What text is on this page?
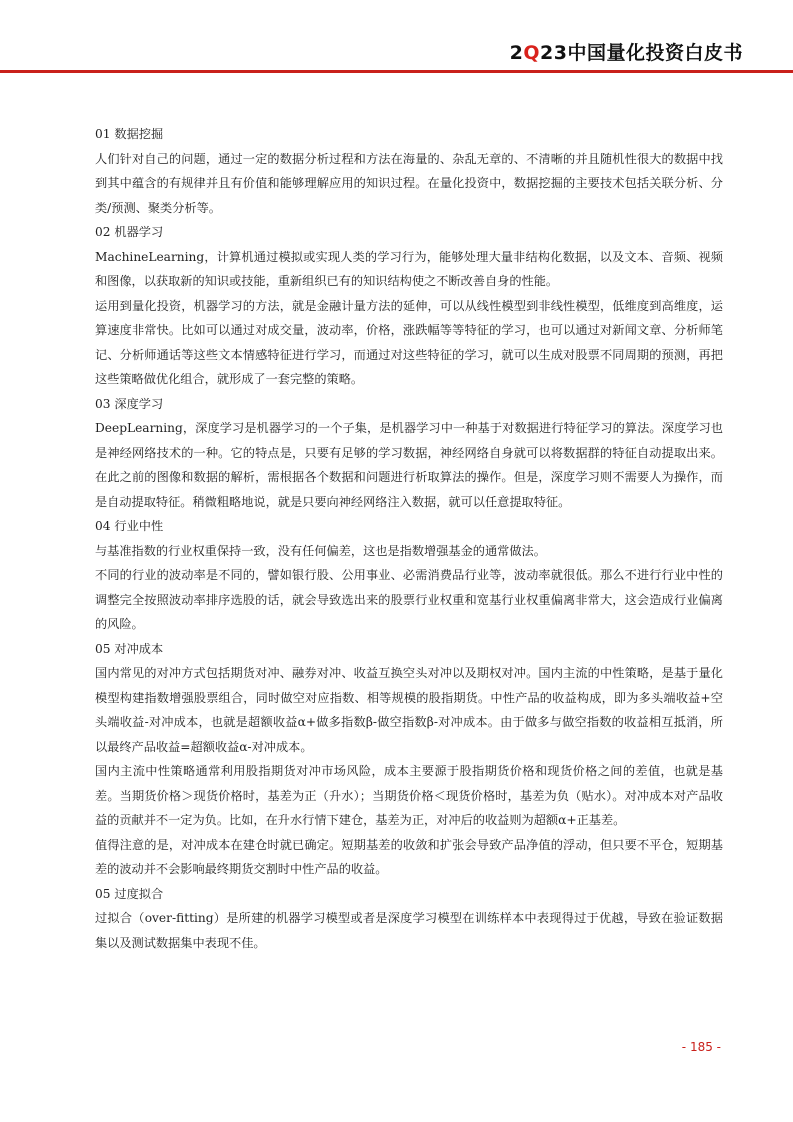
2Q23中国量化投资白皮书

01 数据挖掘

人们针对自己的问题，通过一定的数据分析过程和方法在海量的、杂乱无章的、不清晰的并且随机性很大的数据中找到其中蕴含的有规律并且有价值和能够理解应用的知识过程。在量化投资中，数据挖掘的主要技术包括关联分析、分类/预测、聚类分析等。

02 机器学习

MachineLearning，计算机通过模拟或实现人类的学习行为，能够处理大量非结构化数据，以及文本、音频、视频和图像，以获取新的知识或技能，重新组织已有的知识结构使之不断改善自身的性能。

运用到量化投资，机器学习的方法，就是金融计量方法的延伸，可以从线性模型到非线性模型，低维度到高维度，运算速度非常快。比如可以通过对成交量，波动率，价格，涨跌幅等等特征的学习，也可以通过对新闻文章、分析师笔记、分析师通话等这些文本情感特征进行学习，而通过对这些特征的学习，就可以生成对股票不同周期的预测，再把这些策略做优化组合，就形成了一套完整的策略。

03 深度学习

DeepLearning，深度学习是机器学习的一个子集，是机器学习中一种基于对数据进行特征学习的算法。深度学习也是神经网络技术的一种。它的特点是，只要有足够的学习数据，神经网络自身就可以将数据群的特征自动提取出来。在此之前的图像和数据的解析，需根据各个数据和问题进行析取算法的操作。但是，深度学习则不需要人为操作，而是自动提取特征。稍微粗略地说，就是只要向神经网络注入数据，就可以任意提取特征。

04 行业中性

与基准指数的行业权重保持一致，没有任何偏差，这也是指数增强基金的通常做法。

不同的行业的波动率是不同的，譬如银行股、公用事业、必需消费品行业等，波动率就很低。那么不进行行业中性的调整完全按照波动率排序选股的话，就会导致选出来的股票行业权重和宽基行业权重偏离非常大，这会造成行业偏离的风险。

05 对冲成本

国内常见的对冲方式包括期货对冲、融券对冲、收益互换空头对冲以及期权对冲。国内主流的中性策略，是基于量化模型构建指数增强股票组合，同时做空对应指数、相等规模的股指期货。中性产品的收益构成，即为多头端收益+空头端收益-对冲成本，也就是超额收益α+做多指数β-做空指数β-对冲成本。由于做多与做空指数的收益相互抵消，所以最终产品收益=超额收益α-对冲成本。

国内主流中性策略通常利用股指期货对冲市场风险，成本主要源于股指期货价格和现货价格之间的差值，也就是基差。当期货价格＞现货价格时，基差为正（升水）；当期货价格＜现货价格时，基差为负（贴水）。对冲成本对产品收益的贡献并不一定为负。比如，在升水行情下建仓，基差为正，对冲后的收益则为超额α+正基差。

值得注意的是，对冲成本在建仓时就已确定。短期基差的收敛和扩张会导致产品净值的浮动，但只要不平仓，短期基差的波动并不会影响最终期货交割时中性产品的收益。

05 过度拟合

过拟合（over-fitting）是所建的机器学习模型或者是深度学习模型在训练样本中表现得过于优越，导致在验证数据集以及测试数据集中表现不佳。

- 185 -
